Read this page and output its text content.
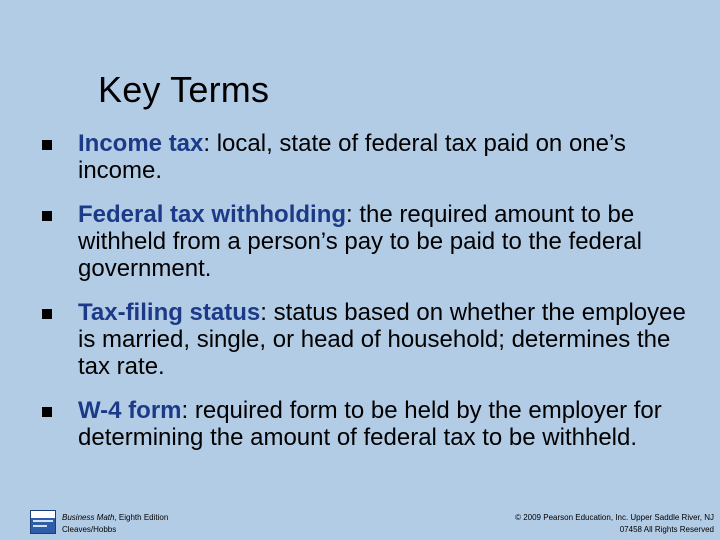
Key Terms
Income tax: local, state of federal tax paid on one’s income.
Federal tax withholding: the required amount to be withheld from a person’s pay to be paid to the federal government.
Tax-filing status: status based on whether the employee is married, single, or head of household; determines the tax rate.
W-4 form: required form to be held by the employer for determining the amount of federal tax to be withheld.
Business Math, Eighth Edition
Cleaves/Hobbs
© 2009 Pearson Education, Inc. Upper Saddle River, NJ
07458 All Rights Reserved
